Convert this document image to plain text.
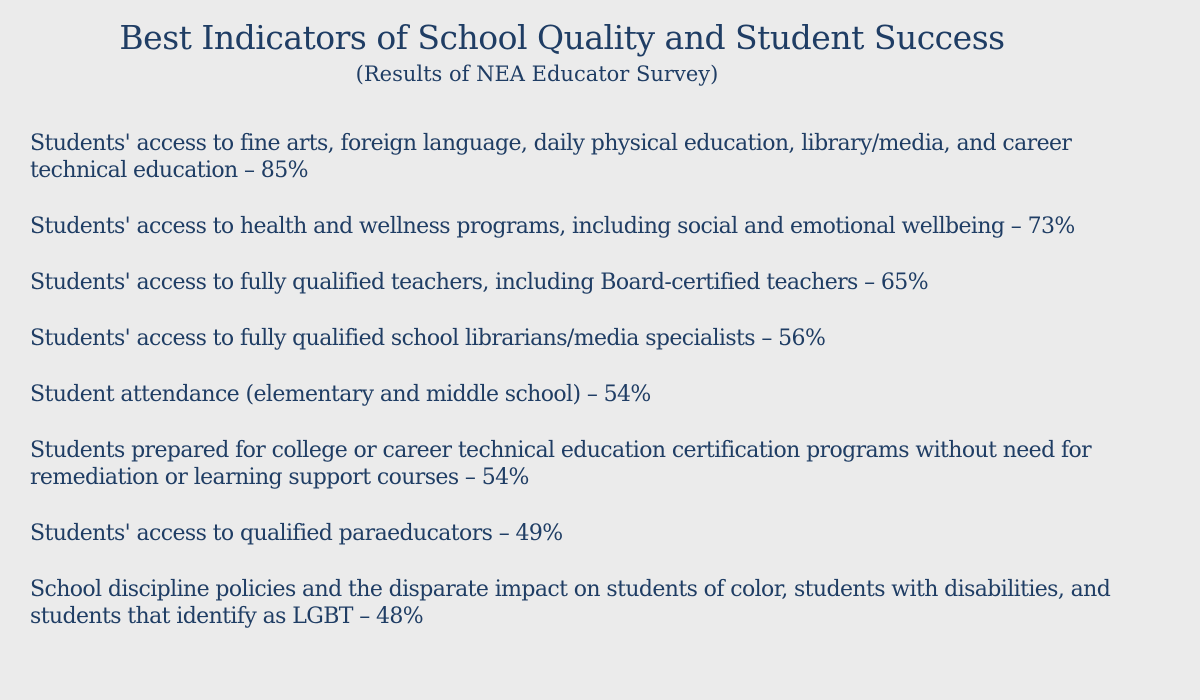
Best Indicators of School Quality and Student Success
(Results of NEA Educator Survey)
Students' access to fine arts, foreign language, daily physical education, library/media, and career technical education – 85%
Students' access to health and wellness programs, including social and emotional wellbeing – 73%
Students' access to fully qualified teachers, including Board-certified teachers – 65%
Students' access to fully qualified school librarians/media specialists – 56%
Student attendance (elementary and middle school) – 54%
Students prepared for college or career technical education certification programs without need for remediation or learning support courses – 54%
Students' access to qualified paraeducators – 49%
School discipline policies and the disparate impact on students of color, students with disabilities, and students that identify as LGBT – 48%
